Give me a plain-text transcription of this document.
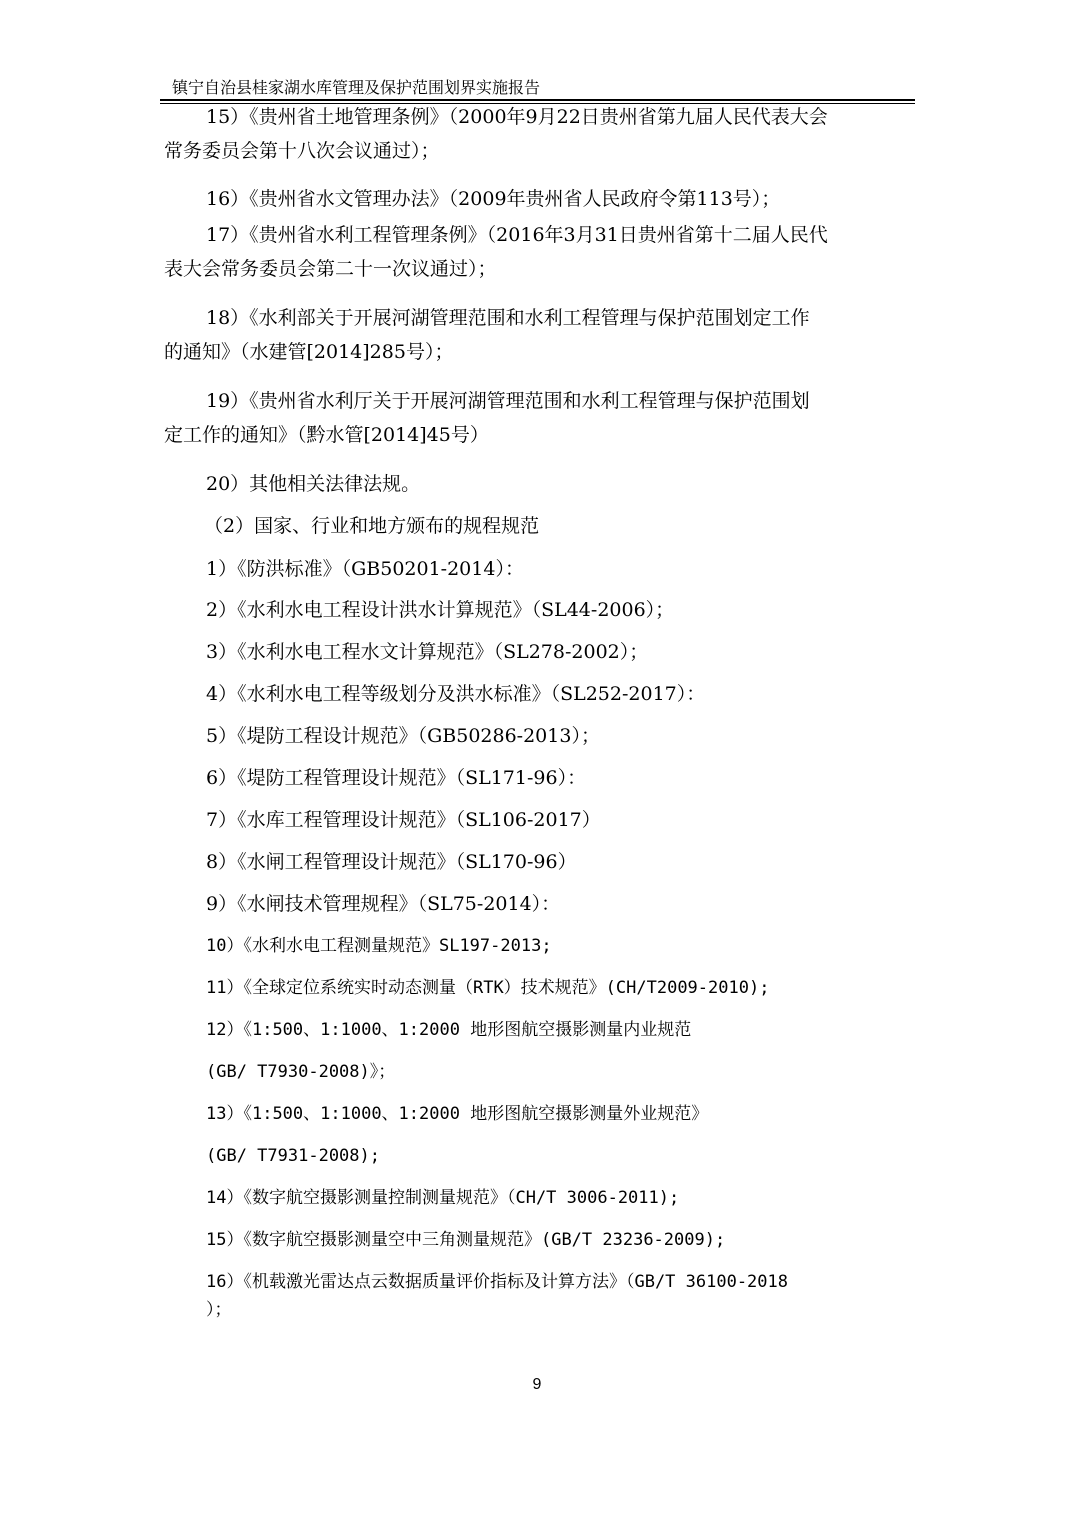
镇宁自治县桂家湖水库管理及保护范围划界实施报告
15）《贵州省土地管理条例》（2000年9月22日贵州省第九届人民代表大会
常务委员会第十八次会议通过）；
16）《贵州省水文管理办法》（2009年贵州省人民政府令第113号）；
17）《贵州省水利工程管理条例》（2016年3月31日贵州省第十二届人民代
表大会常务委员会第二十一次议通过）；
18）《水利部关于开展河湖管理范围和水利工程管理与保护范围划定工作
的通知》（水建管[2014]285号）；
19）《贵州省水利厅关于开展河湖管理范围和水利工程管理与保护范围划
定工作的通知》（黔水管[2014]45号）
20）其他相关法律法规。
（2）国家、行业和地方颁布的规程规范
1）《防洪标准》（GB50201-2014）：
2）《水利水电工程设计洪水计算规范》（SL44-2006）；
3）《水利水电工程水文计算规范》（SL278-2002）；
4）《水利水电工程等级划分及洪水标准》（SL252-2017）：
5）《堤防工程设计规范》（GB50286-2013）；
6）《堤防工程管理设计规范》（SL171-96）：
7）《水库工程管理设计规范》（SL106-2017）
8）《水闸工程管理设计规范》（SL170-96）
9）《水闸技术管理规程》（SL75-2014）：
10）《水利水电工程测量规范》SL197-2013;
11）《全球定位系统实时动态测量（RTK）技术规范》(CH/T2009-2010);
12）《1:500、1:1000、1:2000 地形图航空摄影测量内业规范
(GB/ T7930-2008)》；
13）《1:500、1:1000、1:2000 地形图航空摄影测量外业规范》
(GB/ T7931-2008);
14）《数字航空摄影测量控制测量规范》（CH/T 3006-2011);
15）《数字航空摄影测量空中三角测量规范》(GB/T 23236-2009);
16）《机载激光雷达点云数据质量评价指标及计算方法》（GB/T 36100-2018
）；
9
